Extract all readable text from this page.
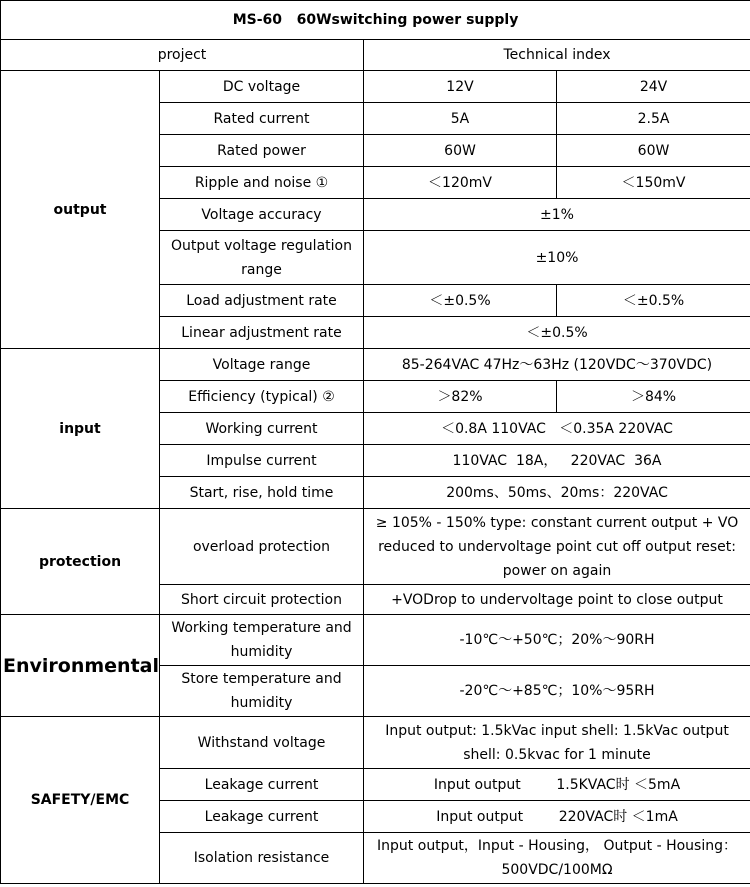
MS-60   60Wswitching power supply			
project		Technical index	
output	DC voltage	12V	24V
	Rated current	5A	2.5A
	Rated power	60W	60W
	Ripple and noise ①	＜120mV	＜150mV
	Voltage accuracy	±1%	
	Output voltage regulation range	±10%	
	Load adjustment rate	＜±0.5%	＜±0.5%
	Linear adjustment rate	＜±0.5%	
input	Voltage range	85-264VAC 47Hz～63Hz (120VDC～370VDC)	
	Efficiency (typical) ②	＞82%	＞84%
	Working current	＜0.8A 110VAC   ＜0.35A 220VAC	
	Impulse current	110VAC  18A，   220VAC  36A	
	Start, rise, hold time	200ms、50ms、20ms：220VAC	
protection	overload protection	≥ 105% - 150% type: constant current output + VO reduced to undervoltage point cut off output reset: power on again	
	Short circuit protection	+VODrop to undervoltage point to close output	
Environmental	Working temperature and humidity	-10℃～+50℃；20%～90RH	
	Store temperature and humidity	-20℃～+85℃；10%～95RH	
SAFETY/EMC	Withstand voltage	Input output: 1.5kVac input shell: 1.5kVac output shell: 0.5kvac for 1 minute	
	Leakage current	Input output        1.5KVAC时 ＜5mA	
	Leakage current	Input output        220VAC时 ＜1mA	
	Isolation resistance	Input output，Input - Housing， Output - Housing： 500VDC/100MΩ	
